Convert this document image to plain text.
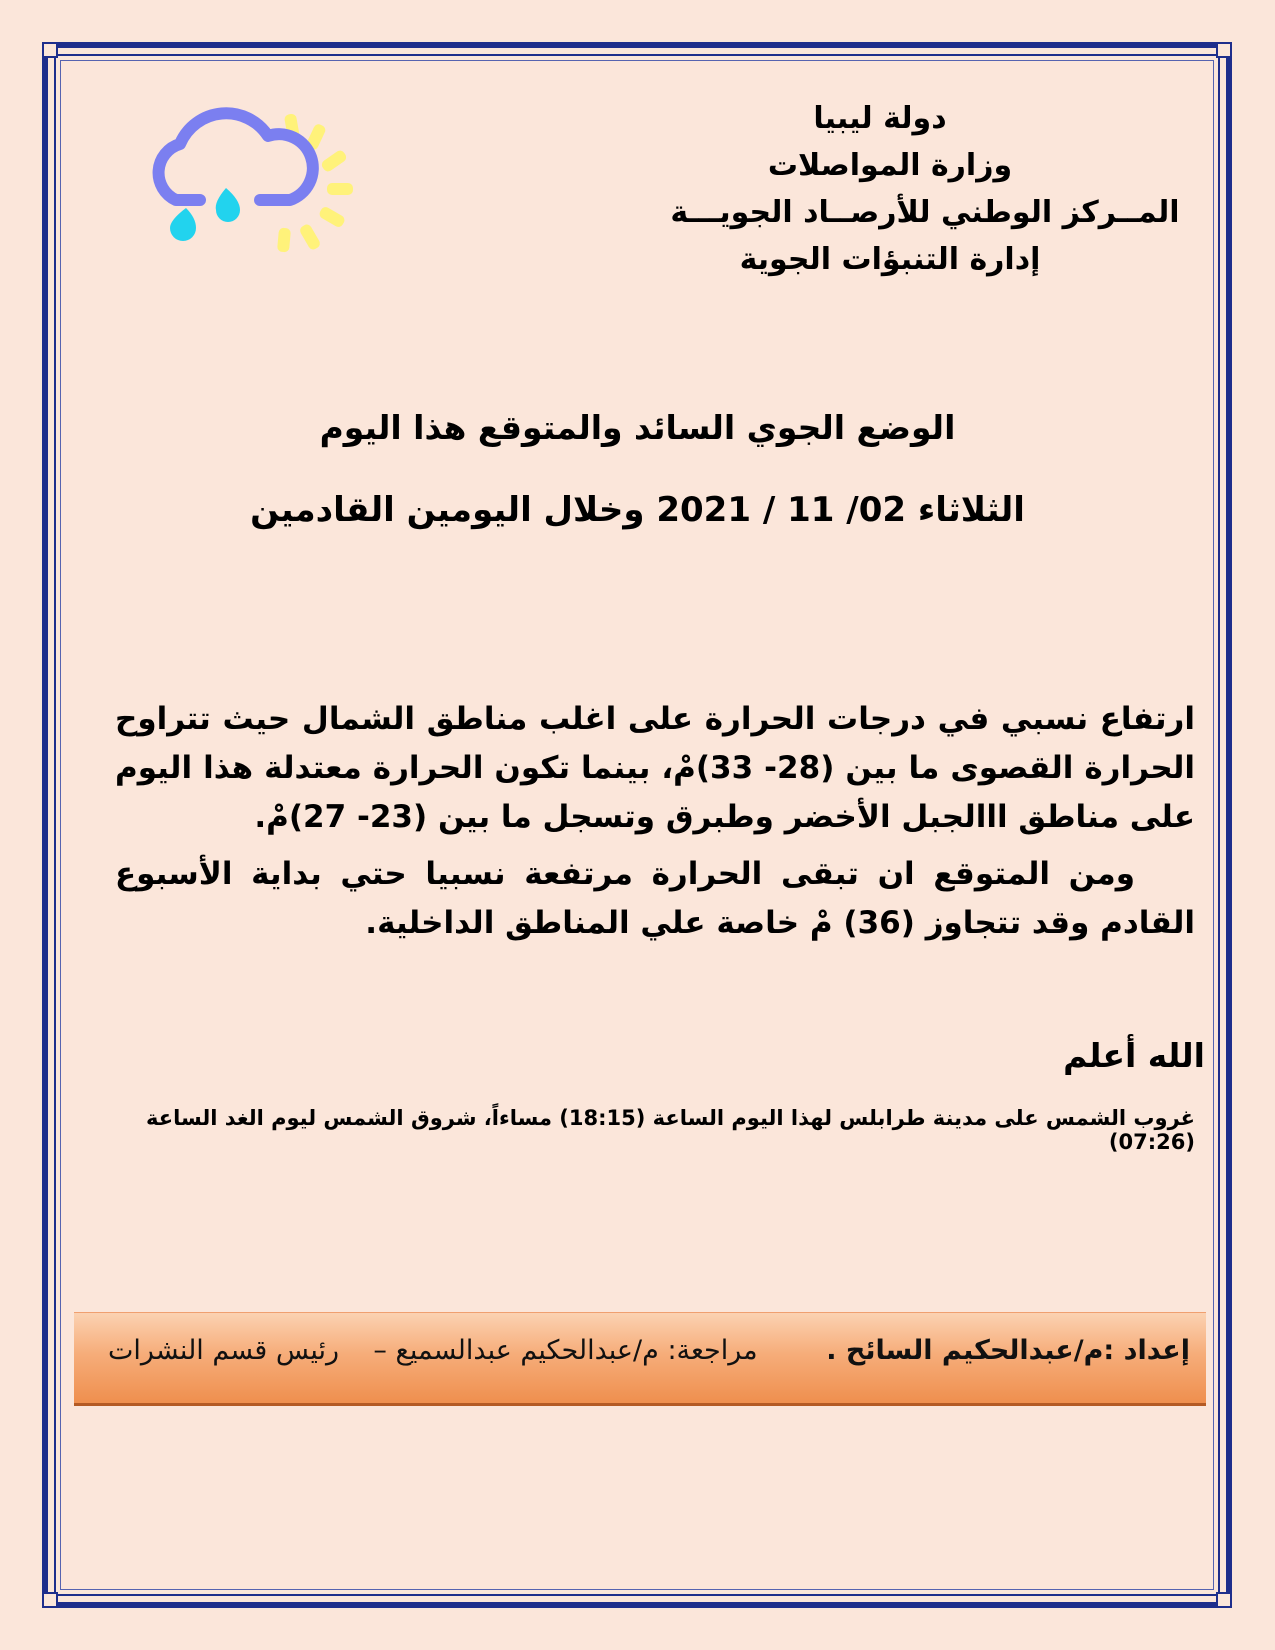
دولة ليبيا
وزارة المواصلات
المــركز الوطني للأرصــاد الجويـــة
إدارة التنبؤات الجوية
الوضع الجوي السائد والمتوقع هذا اليوم
الثلاثاء 02/ 11 / 2021 وخلال اليومين القادمين

ارتفاع نسبي في درجات الحرارة على اغلب مناطق الشمال حيث تتراوح الحرارة القصوى ما بين (28- 33)مْ، بينما تكون الحرارة معتدلة هذا اليوم على مناطق ااالجبل الأخضر وطبرق وتسجل ما بين (23- 27)مْ.

ومن المتوقع ان تبقى الحرارة مرتفعة نسبيا حتي بداية الأسبوع القادم وقد تتجاوز (36) مْ خاصة علي المناطق الداخلية.

الله أعلم
غروب الشمس على مدينة طرابلس لهذا اليوم الساعة (18:15) مساءاً، شروق الشمس ليوم الغد الساعة (07:26)
إعداد :م/عبدالحكيم السائح .        مراجعة: م/عبدالحكيم عبدالسميع –    رئيس قسم النشرات
